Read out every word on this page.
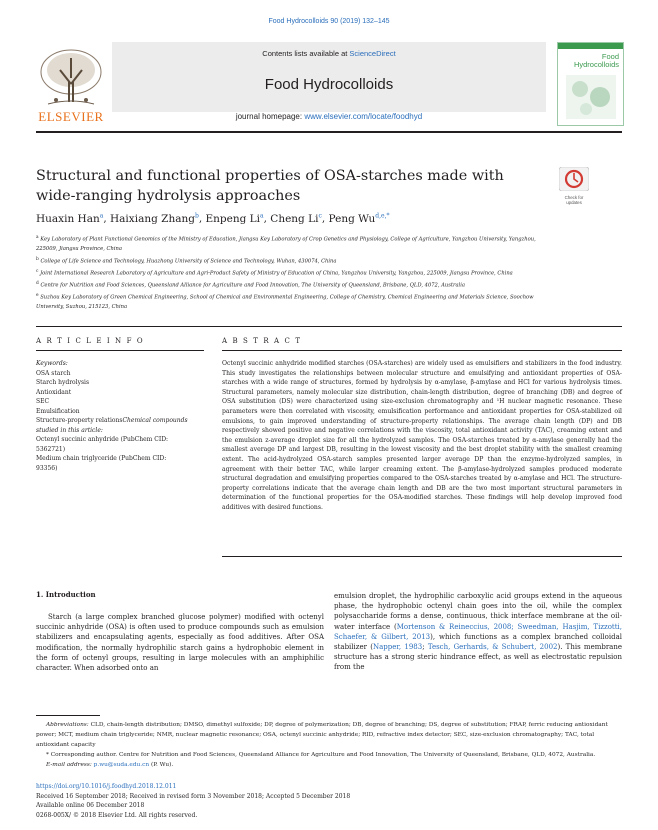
Food Hydrocolloids 90 (2019) 132–145
ELSEVIER
Contents lists available at ScienceDirect
Food Hydrocolloids
journal homepage: www.elsevier.com/locate/foodhyd
Food
Hydrocolloids
Structural and functional properties of OSA-starches made with wide-ranging hydrolysis approaches	Check for updates
Huaxin Han$^a$, Haixiang Zhang$^b$, Enpeng Li$^a$, Cheng Li$^c$, Peng $Wu^{d,e,*}$
$^a$ Key Laboratory of Plant Functional Genomics of the Ministry of Education, Jiangsu Key Laboratory of Crop Genetics and Physiology, College of Agriculture, Yangzhou University, Yangzhou, 225009, Jiangsu Province, China
$^b$ College of Life Science and Technology, Huazhong University of Science and Technology, Wuhan, 430074, China
$^c$ Joint International Research Laboratory of Agriculture and Agri-Product Safety of Ministry of Education of China, Yangzhou University, Yangzhou, 225009, Jiangsu Province, China
$^d$ Centre for Nutrition and Food Sciences, Queensland Alliance for Agriculture and Food Innovation, The University of Queensland, Brisbane, QLD, 4072, Australia
$^e$ Suzhou Key Laboratory of Green Chemical Engineering, School of Chemical and Environmental Engineering, College of Chemistry, Chemical Engineering and Materials Science, Soochow University, Suzhou, 215123, China
A R T I C L E I N F O
Keywords:
OSA starch
Starch hydrolysis
Antioxidant
SEC
Emulsification
Structure-property relationsChemical compounds studied in this article:
Octenyl succinic anhydride (PubChem CID:
5362721)
Medium chain triglyceride (PubChem CID:
93356)
A B S T R A C T
Octenyl succinic anhydride modified starches (OSA-starches) are widely used as emulsifiers and stabilizers in the food industry. This study investigates the relationships between molecular structure and emulsifying and antioxidant properties of OSA-starches with a wide range of structures, formed by hydrolysis by α-amylase, β-amylase and HCl for various hydrolysis times. Structural parameters, namely molecular size distribution, chain-length distribution, degree of branching (DB) and degree of OSA substitution (DS) were characterized using size-exclusion chromatography and ¹H nuclear magnetic resonance. These parameters were then correlated with viscosity, emulsification performance and antioxidant properties for OSA-stabilized oil emulsions, to gain improved understanding of structure-property relationships. The average chain length (DP) and DB respectively showed positive and negative correlations with the viscosity, total antioxidant activity (TAC), creaming extent and the emulsion z-average droplet size for all the hydrolyzed samples. The OSA-starches treated by α-amylase generally had the smallest average DP and largest DB, resulting in the lowest viscosity and the best droplet stability with the smallest creaming extent. The acid-hydrolyzed OSA-starch samples presented larger average DP than the enzyme-hydrolyzed samples, in agreement with their better TAC, while larger creaming extent. The β-amylase-hydrolyzed samples produced moderate structural degradation and emulsifying properties compared to the OSA-starches treated by α-amylase and HCl. The structure-property correlations indicate that the average chain length and DB are the two most important structural parameters in determination of the functional properties for the OSA-modified starches. These findings will help develop improved food additives with desired functions.
1. Introduction
Starch (a large complex branched glucose polymer) modified with octenyl succinic anhydride (OSA) is often used to produce compounds such as emulsion stabilizers and encapsulating agents, especially as food additives. After OSA modification, the normally hydrophilic starch gains a hydrophobic element in the form of octenyl groups, resulting in large molecules with an amphiphilic character. When adsorbed onto an
emulsion droplet, the hydrophilic carboxylic acid groups extend in the aqueous phase, the hydrophobic octenyl chain goes into the oil, while the complex polysaccharide forms a dense, continuous, thick interface membrane at the oil-water interface (Mortenson & Reineccius, 2008; Sweedman, Hasjim, Tizzotti, Schaefer, & Gilbert, 2013), which functions as a complex branched colloidal stabilizer (Napper, 1983; Tesch, Gerhards, & Schubert, 2002). This membrane structure has a strong steric hindrance effect, as well as electrostatic repulsion from the
Abbreviations: CLD, chain-length distribution; DMSO, dimethyl sulfoxide; DP, degree of polymerization; DB, degree of branching; DS, degree of substitution; FRAP, ferric reducing antioxidant power; MCT, medium chain triglyceride; NMR, nuclear magnetic resonance; OSA, octenyl succinic anhydride; RID, refractive index detector; SEC, size-exclusion chromatography; TAC, total antioxidant capacity
* Corresponding author. Centre for Nutrition and Food Sciences, Queensland Alliance for Agriculture and Food Innovation, The University of Queensland, Brisbane, QLD, 4072, Australia.
E-mail address: p.wu@suda.edu.cn (P. Wu).
https://doi.org/10.1016/j.foodhyd.2018.12.011
Received 16 September 2018; Received in revised form 3 November 2018; Accepted 5 December 2018
Available online 06 December 2018
0268-005X/ © 2018 Elsevier Ltd. All rights reserved.
